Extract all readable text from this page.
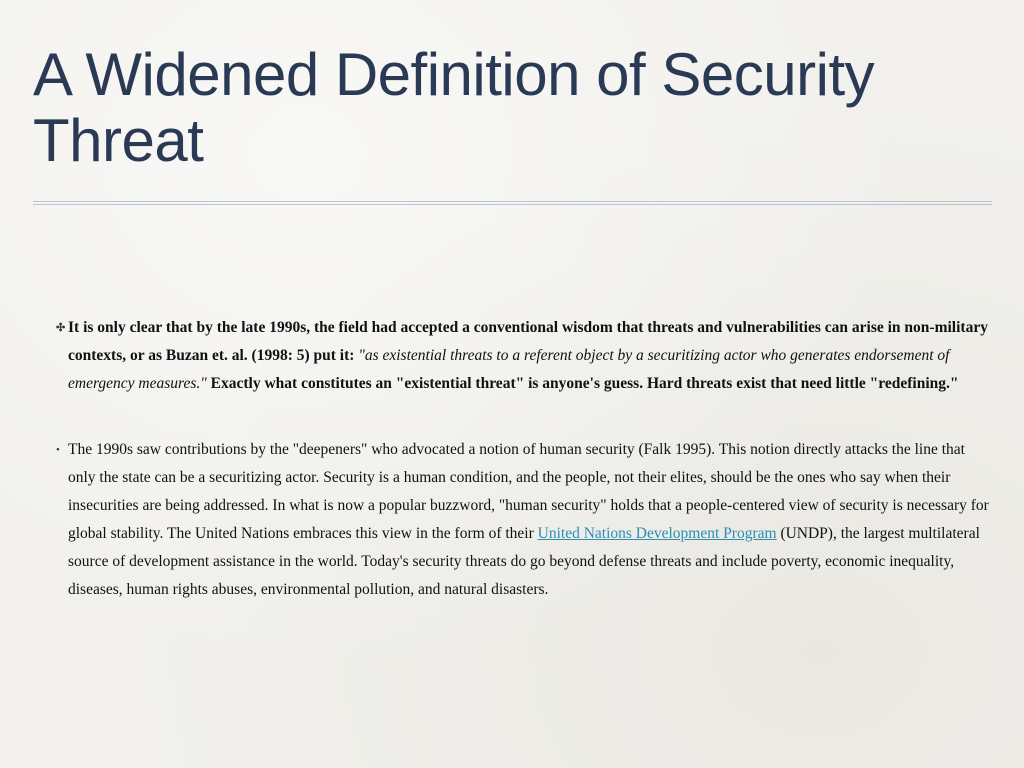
A Widened Definition of Security Threat
✣ It is only clear that by the late 1990s, the field had accepted a conventional wisdom that threats and vulnerabilities can arise in non-military contexts, or as Buzan et. al. (1998: 5) put it: "as existential threats to a referent object by a securitizing actor who generates endorsement of emergency measures." Exactly what constitutes an "existential threat" is anyone's guess. Hard threats exist that need little "redefining."
• The 1990s saw contributions by the "deepeners" who advocated a notion of human security (Falk 1995). This notion directly attacks the line that only the state can be a securitizing actor. Security is a human condition, and the people, not their elites, should be the ones who say when their insecurities are being addressed. In what is now a popular buzzword, "human security" holds that a people-centered view of security is necessary for global stability. The United Nations embraces this view in the form of their United Nations Development Program (UNDP), the largest multilateral source of development assistance in the world. Today's security threats do go beyond defense threats and include poverty, economic inequality, diseases, human rights abuses, environmental pollution, and natural disasters.
